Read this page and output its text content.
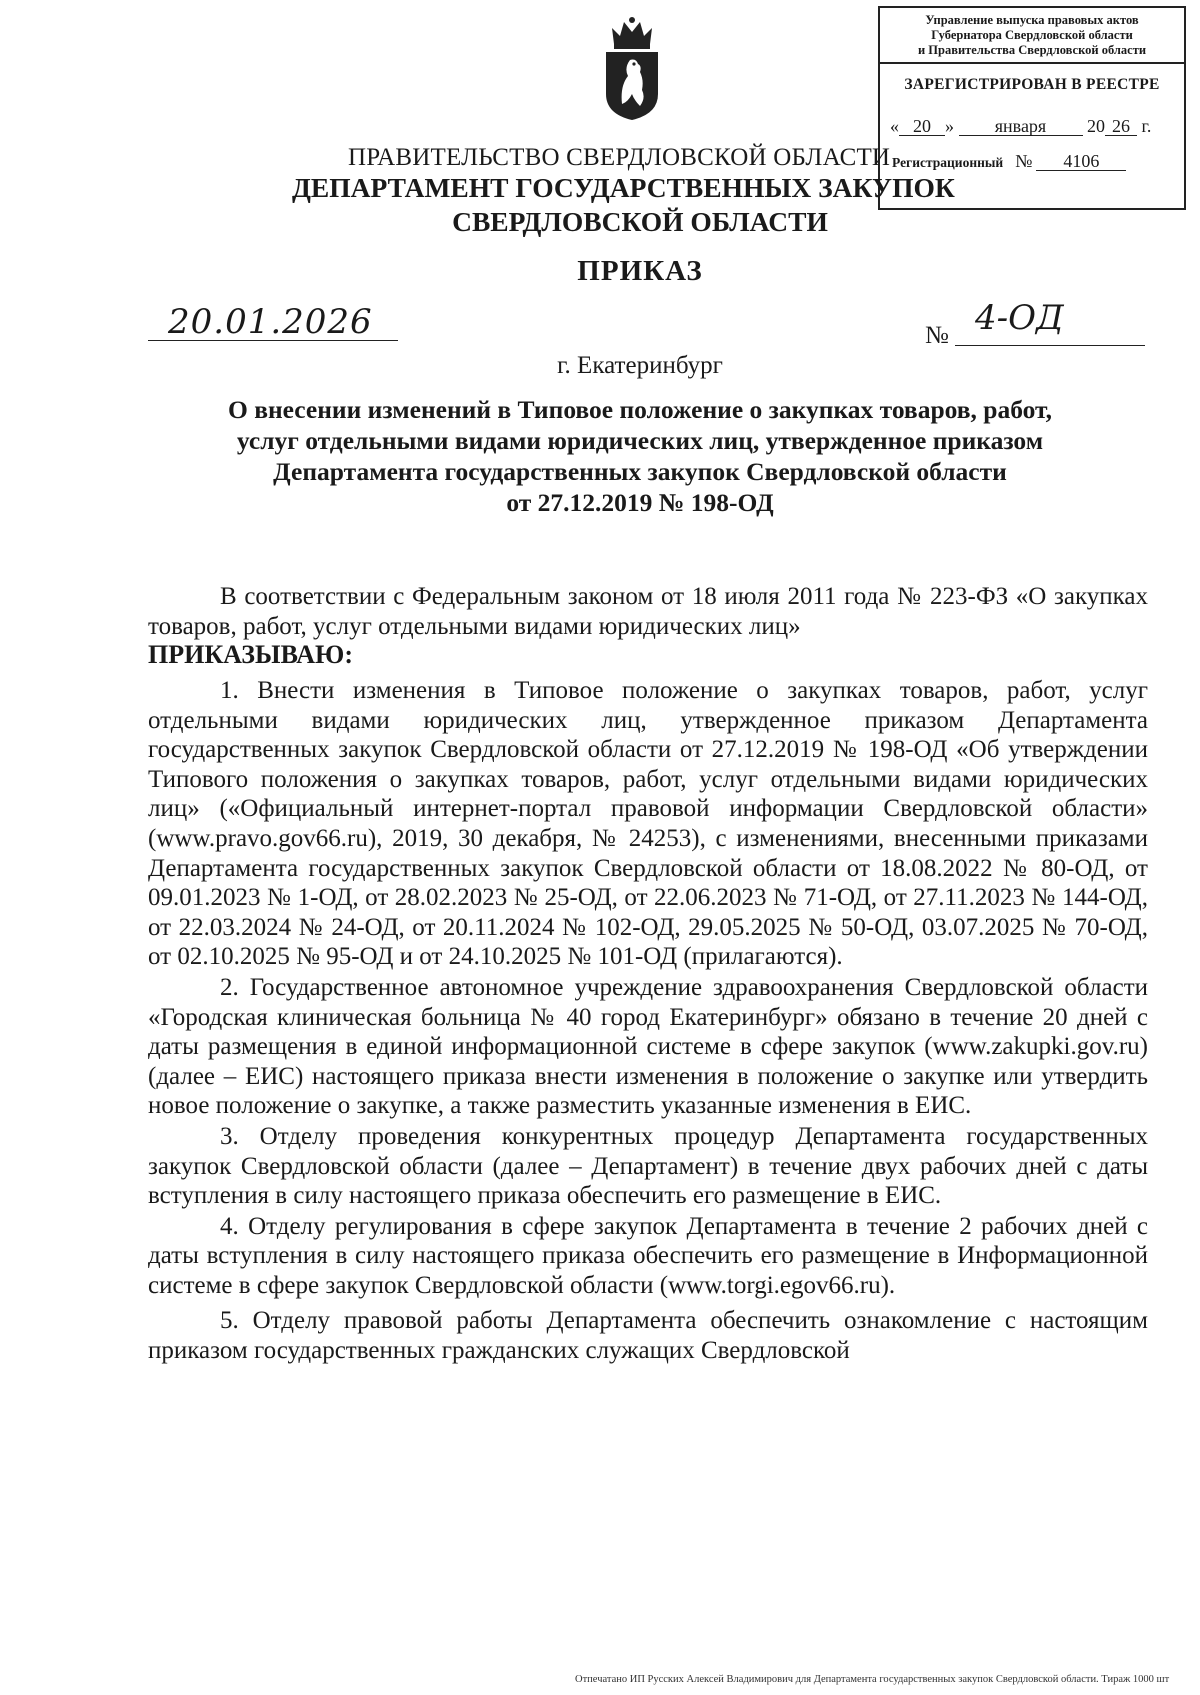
Управление выпуска правовых актов
Губернатора Свердловской области
и Правительства Свердловской области
ЗАРЕГИСТРИРОВАН В РЕЕСТРЕ
« 20 » января 20 26 г.
Регистрационный № 4106
ПРАВИТЕЛЬСТВО СВЕРДЛОВСКОЙ ОБЛАСТИ
ДЕПАРТАМЕНТ ГОСУДАРСТВЕННЫХ ЗАКУПОК
СВЕРДЛОВСКОЙ ОБЛАСТИ
ПРИКАЗ
20.01.2026	№ 4-ОД
г. Екатеринбург
О внесении изменений в Типовое положение о закупках товаров, работ,
услуг отдельными видами юридических лиц, утвержденное приказом
Департамента государственных закупок Свердловской области
от 27.12.2019 № 198-ОД

В соответствии с Федеральным законом от 18 июля 2011 года № 223-ФЗ «О закупках товаров, работ, услуг отдельными видами юридических лиц»

ПРИКАЗЫВАЮ:

1. Внести изменения в Типовое положение о закупках товаров, работ, услуг отдельными видами юридических лиц, утвержденное приказом Департамента государственных закупок Свердловской области от 27.12.2019 № 198-ОД «Об утверждении Типового положения о закупках товаров, работ, услуг отдельными видами юридических лиц» («Официальный интернет-портал правовой информации Свердловской области» (www.pravo.gov66.ru), 2019, 30 декабря, № 24253), с изменениями, внесенными приказами Департамента государственных закупок Свердловской области от 18.08.2022 № 80-ОД, от 09.01.2023 № 1-ОД, от 28.02.2023 № 25-ОД, от 22.06.2023 № 71-ОД, от 27.11.2023 № 144-ОД, от 22.03.2024 № 24-ОД, от 20.11.2024 № 102-ОД, 29.05.2025 № 50-ОД, 03.07.2025 № 70-ОД, от 02.10.2025 № 95-ОД и от 24.10.2025 № 101-ОД (прилагаются).

2. Государственное автономное учреждение здравоохранения Свердловской области «Городская клиническая больница № 40 город Екатеринбург» обязано в течение 20 дней с даты размещения в единой информационной системе в сфере закупок (www.zakupki.gov.ru) (далее – ЕИС) настоящего приказа внести изменения в положение о закупке или утвердить новое положение о закупке, а также разместить указанные изменения в ЕИС.

3. Отделу проведения конкурентных процедур Департамента государственных закупок Свердловской области (далее – Департамент) в течение двух рабочих дней с даты вступления в силу настоящего приказа обеспечить его размещение в ЕИС.

4. Отделу регулирования в сфере закупок Департамента в течение 2 рабочих дней с даты вступления в силу настоящего приказа обеспечить его размещение в Информационной системе в сфере закупок Свердловской области (www.torgi.egov66.ru).

5. Отделу правовой работы Департамента обеспечить ознакомление с настоящим приказом государственных гражданских служащих Свердловской

Отпечатано ИП Русских Алексей Владимирович для Департамента государственных закупок Свердловской области. Тираж 1000 шт
